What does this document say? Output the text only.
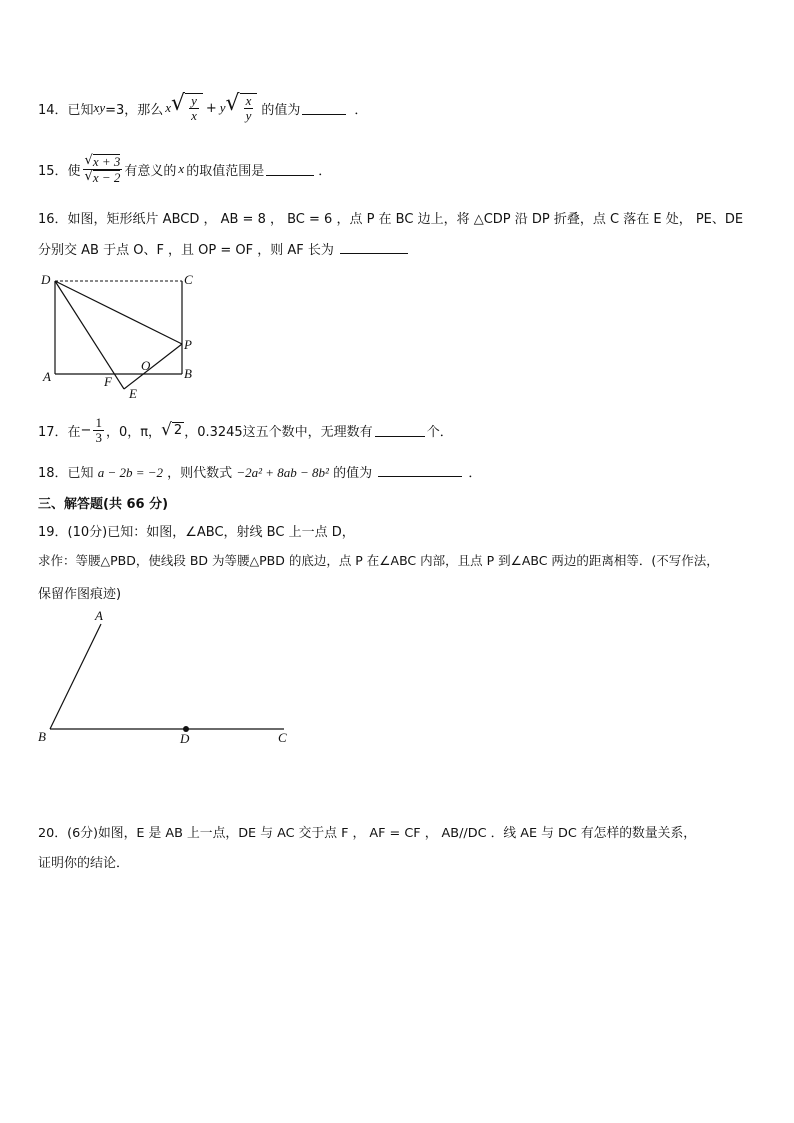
14．已知 xy =3，那么 x √ $\frac{y}{x} + y$ √ $\frac{x}{y}$ 的值为	．
15．使 $\frac{√ x + 3}{√ x - 2}$ 有意义的 x 的取值范围是	．
16．如图，矩形纸片 ABCD ， AB = 8 ， BC = 6 ，点 P 在 BC 边上，将 △CDP 沿 DP 折叠，点 C 落在 E 处， PE、DE
分别交 AB 于点 O、F ，且 OP = OF ，则 AF 长为
D	C
P
O
A	F
B
E
17．在 − $\frac{1}{3}$ ，0，π， √ 2 ，0.3245这五个数中，无理数有	个．
18．已知 a − 2b = −2 ，则代数式 −2a² + 8ab − 8b² 的值为	．
三、解答题(共 66 分)
19．(10分)已知：如图，∠ABC，射线 BC 上一点 D，
求作：等腰△PBD，使线段 BD 为等腰△PBD 的底边，点 P 在∠ABC 内部，且点 P 到∠ABC 两边的距离相等．(不写作法，
保留作图痕迹)
A
B	D	C
20．(6分)如图，E 是 AB 上一点，DE 与 AC 交于点 F ， AF = CF ， AB//DC ．线 AE 与 DC 有怎样的数量关系，
证明你的结论．
